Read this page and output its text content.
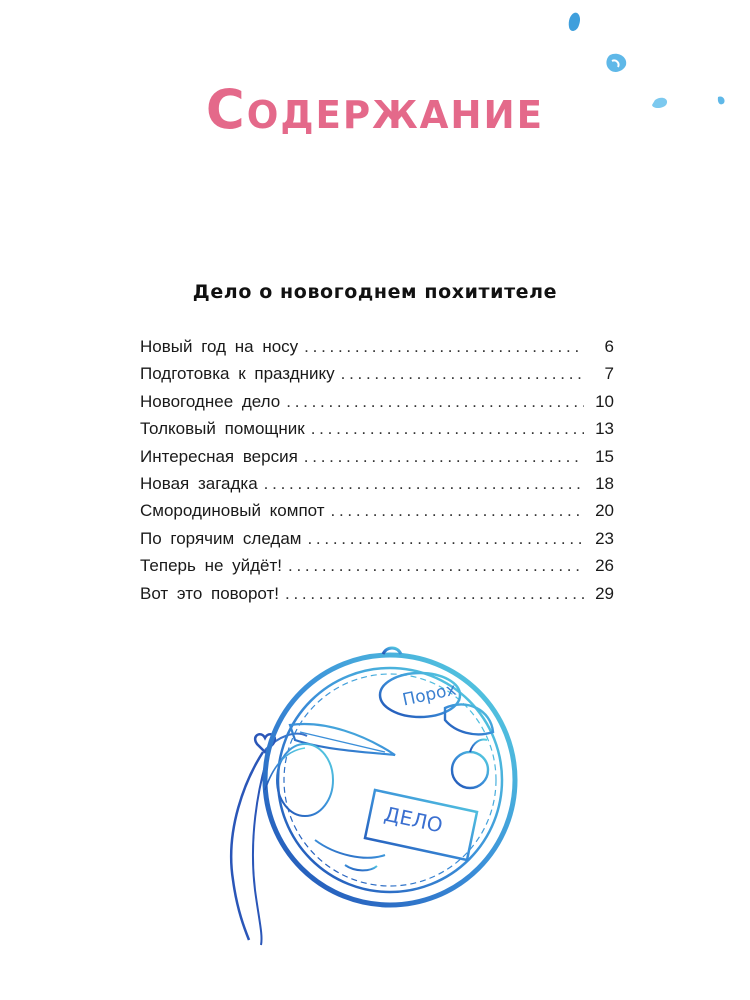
Содержание
Дело о новогоднем похитителе
Новый год на носу . . .	6
Подготовка к празднику . . .	7
Новогоднее дело . . .	10
Толковый помощник . . .	13
Интересная версия . . .	15
Новая загадка . . .	18
Смородиновый компот . . .	20
По горячим следам . . .	23
Теперь не уйдёт! . . .	26
Вот это поворот! . . .	29
Порох
ДЕЛО
